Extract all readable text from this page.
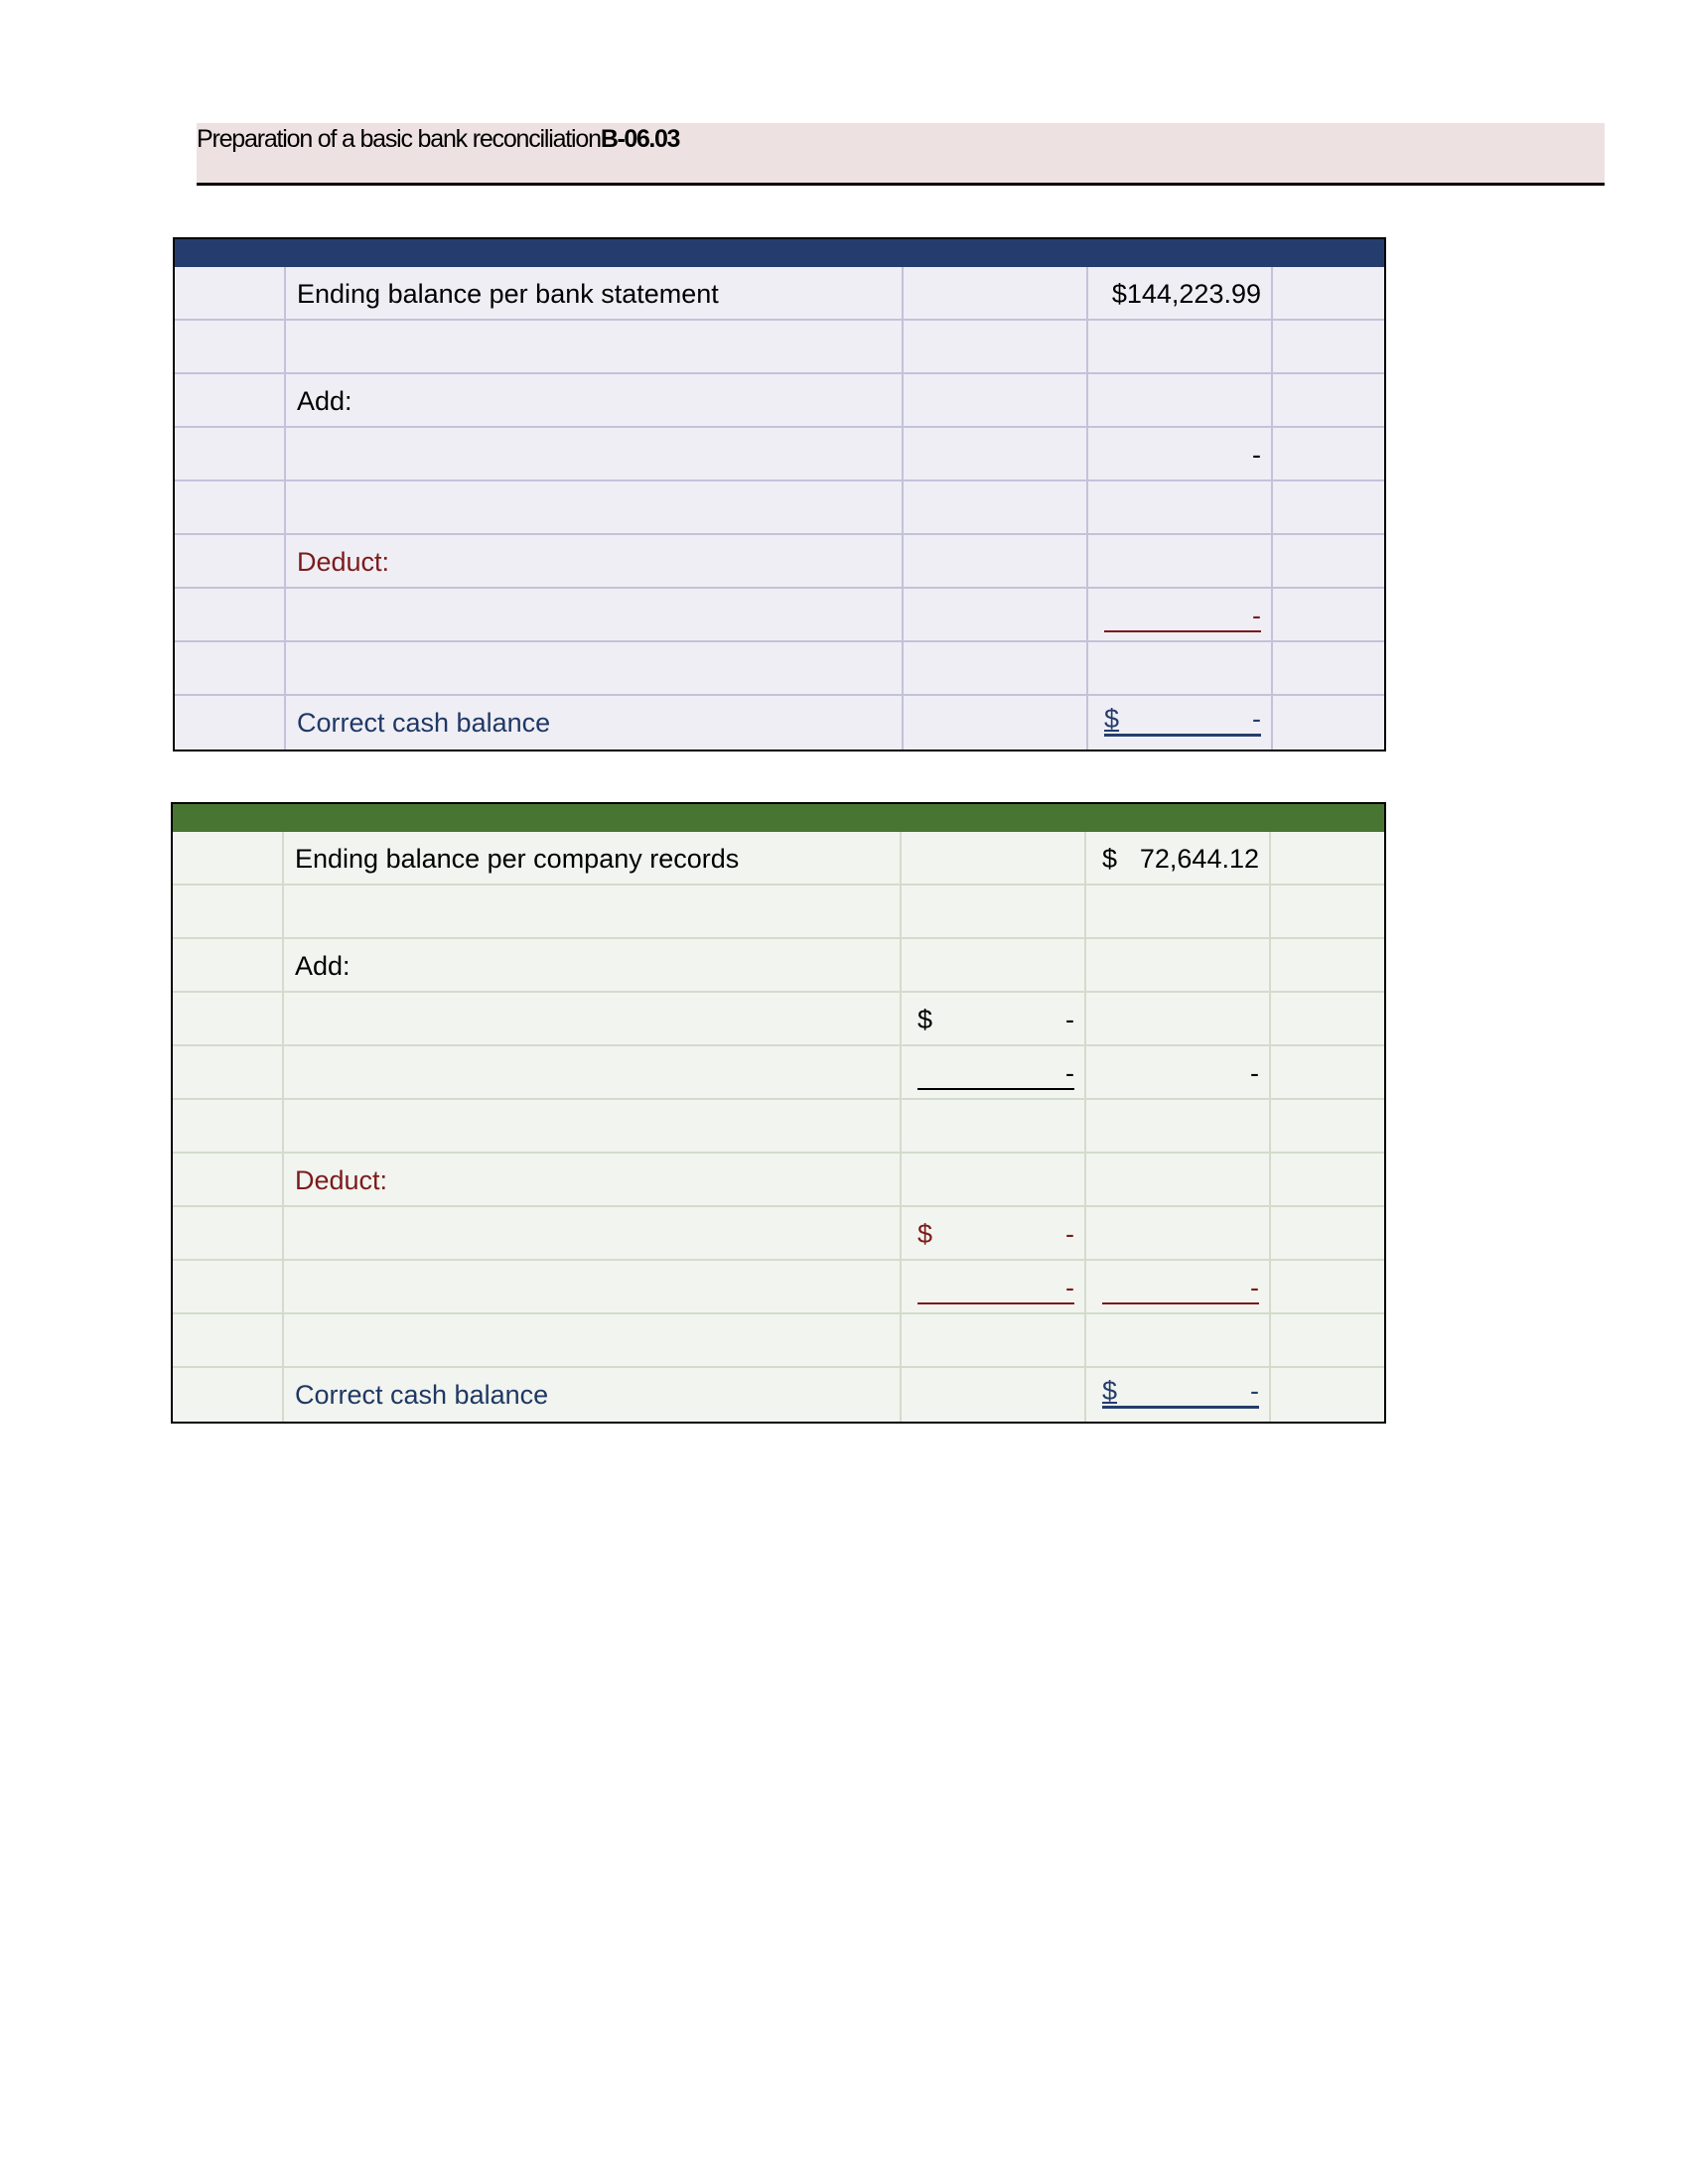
Preparation of a basic bank reconciliationB-06.03
Ending balance per bank statement	$144,223.99
Add:
-
Deduct:
-
Correct cash balance	$	-
Ending balance per company records	$ 72,644.12
Add:
$	-
-	-
Deduct:
$	-
-	-
Correct cash balance	$	-
